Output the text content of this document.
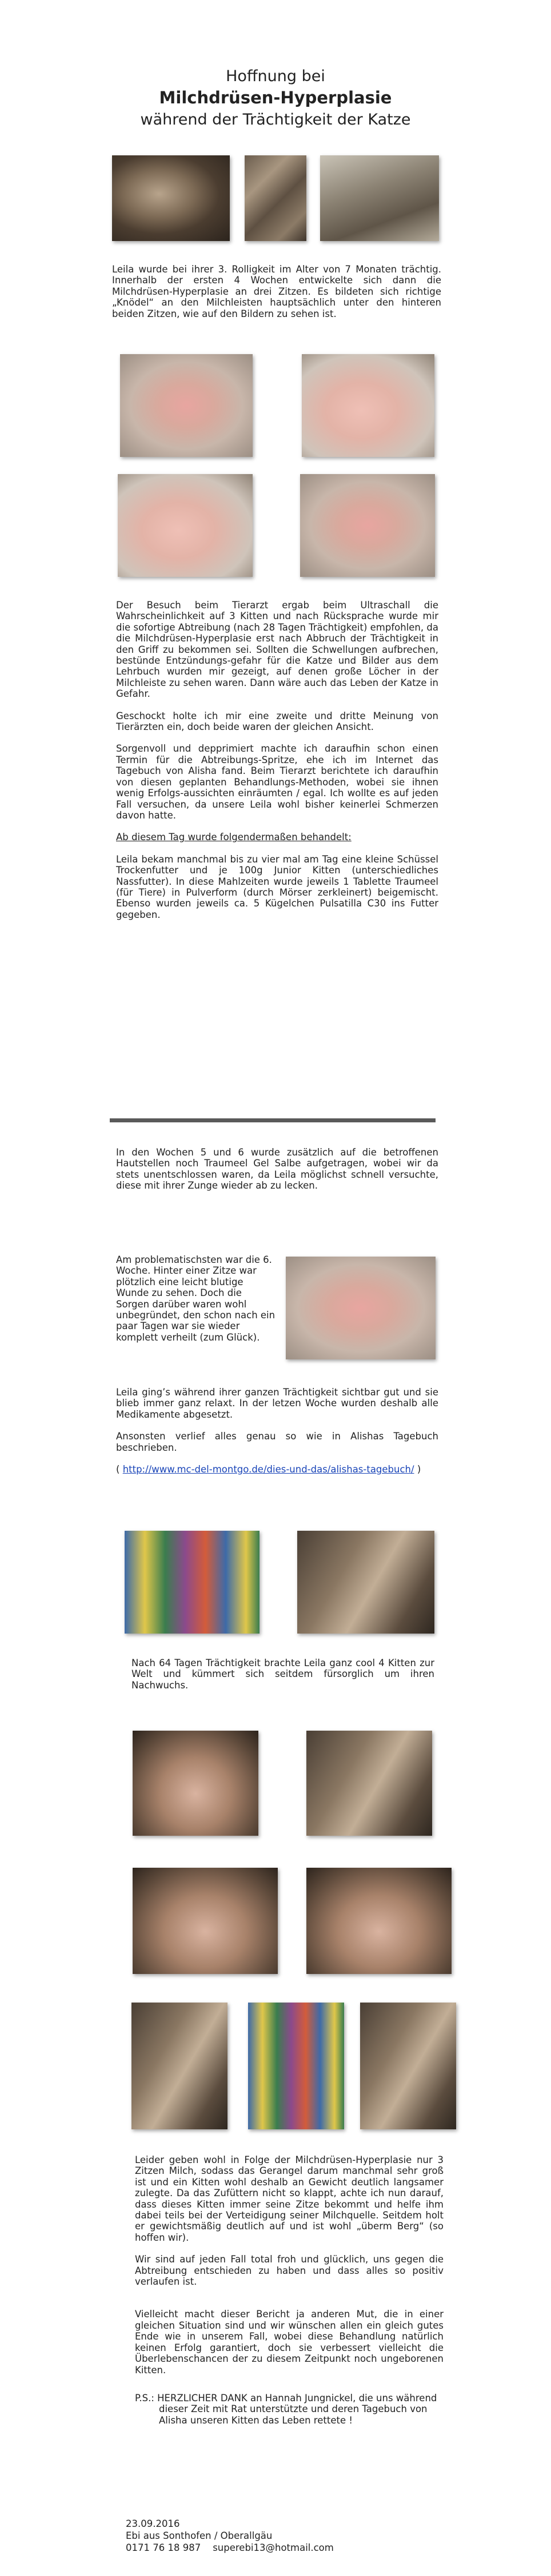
Hoffnung bei
Milchdrüsen-Hyperplasie
während der Trächtigkeit der Katze
Leila wurde bei ihrer 3. Rolligkeit im Alter von 7 Monaten trächtig. Innerhalb der ersten 4 Wochen entwickelte sich dann die Milchdrüsen-Hyperplasie an drei Zitzen. Es bildeten sich richtige „Knödel“ an den Milchleisten hauptsächlich unter den hinteren beiden Zitzen, wie auf den Bildern zu sehen ist.

Der Besuch beim Tierarzt ergab beim Ultraschall die Wahrscheinlichkeit auf 3 Kitten und nach Rücksprache wurde mir die sofortige Abtreibung (nach 28 Tagen Trächtigkeit) empfohlen, da die Milchdrüsen-Hyperplasie erst nach Abbruch der Trächtigkeit in den Griff zu bekommen sei. Sollten die Schwellungen aufbrechen, bestünde Entzündungs-gefahr für die Katze und Bilder aus dem Lehrbuch wurden mir gezeigt, auf denen große Löcher in der Milchleiste zu sehen waren. Dann wäre auch das Leben der Katze in Gefahr.

Geschockt holte ich mir eine zweite und dritte Meinung von Tierärzten ein, doch beide waren der gleichen Ansicht.

Sorgenvoll und depprimiert machte ich daraufhin schon einen Termin für die Abtreibungs-Spritze, ehe ich im Internet das Tagebuch von Alisha fand. Beim Tierarzt berichtete ich daraufhin von diesen geplanten Behandlungs-Methoden, wobei sie ihnen wenig Erfolgs-aussichten einräumten / egal. Ich wollte es auf jeden Fall versuchen, da unsere Leila wohl bisher keinerlei Schmerzen davon hatte.

Ab diesem Tag wurde folgendermaßen behandelt:

Leila bekam manchmal bis zu vier mal am Tag eine kleine Schüssel Trockenfutter und je 100g Junior Kitten (unterschiedliches Nassfutter). In diese Mahlzeiten wurde jeweils 1 Tablette Traumeel (für Tiere) in Pulverform (durch Mörser zerkleinert) beigemischt. Ebenso wurden jeweils ca. 5 Kügelchen Pulsatilla C30 ins Futter gegeben.

In den Wochen 5 und 6 wurde zusätzlich auf die betroffenen Hautstellen noch Traumeel Gel Salbe aufgetragen, wobei wir da stets unentschlossen waren, da Leila möglichst schnell versuchte, diese mit ihrer Zunge wieder ab zu lecken.
Am problematischsten war die 6. Woche. Hinter einer Zitze war plötzlich eine leicht blutige Wunde zu sehen. Doch die Sorgen darüber waren wohl unbegründet, den schon nach ein paar Tagen war sie wieder komplett verheilt (zum Glück).

Leila ging’s während ihrer ganzen Trächtigkeit sichtbar gut und sie blieb immer ganz relaxt. In der letzen Woche wurden deshalb alle Medikamente abgesetzt.

Ansonsten verlief alles genau so wie in Alishas Tagebuch beschrieben.

( http://www.mc-del-montgo.de/dies-und-das/alishas-tagebuch/ )

Nach 64 Tagen Trächtigkeit brachte Leila ganz cool 4 Kitten zur Welt und kümmert sich seitdem fürsorglich um ihren Nachwuchs.

Leider geben wohl in Folge der Milchdrüsen-Hyperplasie nur 3 Zitzen Milch, sodass das Gerangel darum manchmal sehr groß ist und ein Kitten wohl deshalb an Gewicht deutlich langsamer zulegte. Da das Zufüttern nicht so klappt, achte ich nun darauf, dass dieses Kitten immer seine Zitze bekommt und helfe ihm dabei teils bei der Verteidigung seiner Milchquelle. Seitdem holt er gewichtsmäßig deutlich auf und ist wohl „überm Berg“ (so hoffen wir).

Wir sind auf jeden Fall total froh und glücklich, uns gegen die Abtreibung entschieden zu haben und dass alles so positiv verlaufen ist.

Vielleicht macht dieser Bericht ja anderen Mut, die in einer gleichen Situation sind und wir wünschen allen ein gleich gutes Ende wie in unserem Fall, wobei diese Behandlung natürlich keinen Erfolg garantiert, doch sie verbessert vielleicht die Überlebenschancen der zu diesem Zeitpunkt noch ungeborenen Kitten.

P.S.: HERZLICHER DANK an Hannah Jungnickel, die uns während dieser Zeit mit Rat unterstützte und deren Tagebuch von Alisha unseren Kitten das Leben rettete !

23.09.2016
Ebi aus Sonthofen / Oberallgäu
0171 76 18 987    superebi13@hotmail.com
